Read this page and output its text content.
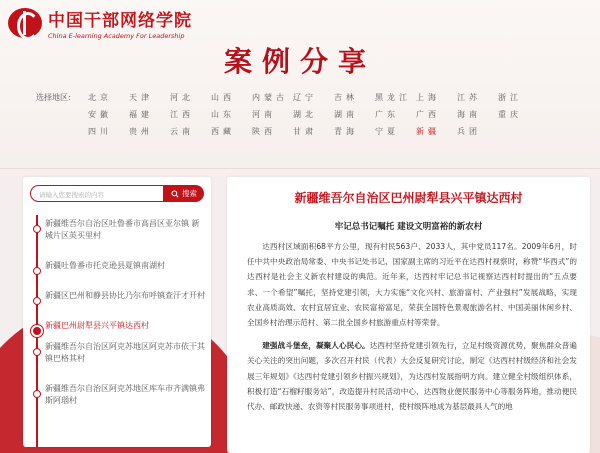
中国干部网络学院
China E-learning Academy For Leadership
案例分享
选择地区: 北京	天津	河北	山西	内蒙古 辽宁	吉林	黑龙江 上海	江苏	浙江
安徽	福建	江西	山东	河南	湖北	湖南	广东	广西	海南	重庆
四川	贵州	云南	西藏	陕西	甘肃	青海	宁夏	新疆	兵团
请输入您要搜索的内容	搜索
新疆维吾尔自治区吐鲁番市高昌区亚尔镇 新城片区英买里村
新疆吐鲁番市托克逊县夏镇南湖村
新疆区巴州和静县协比乃尔布呼镇查汗才开村
新疆巴州尉犁县兴平镇达西村
新疆维吾尔自治区阿克苏地区阿克苏市依干其镇巴格其村
新疆维吾尔自治区阿克苏地区库车市齐满镇弗斯阿瑙村
新疆维吾尔自治区巴州尉犁县兴平镇达西村
牢记总书记嘱托 建设文明富裕的新农村

达西村区域面积68平方公里，现有村民563户、2033人，其中党员117名。2009年6月，时任中共中央政治局常委、中央书记处书记、国家副主席的习近平在达西村视察时，称赞“华西式”的达西村是社会主义新农村建设的典范。近年来，达西村牢记总书记视察达西村时提出的“五点要求、一个希望”嘱托，坚持党建引领，大力实施“文化兴村、旅游富村、产业强村”发展战略，实现农业高质高效、农村宜居宜业、农民富裕富足，荣获全国特色景观旅游名村、中国美丽休闲乡村、全国乡村治理示范村、第二批全国乡村旅游重点村等荣誉。

建强战斗堡垒，凝聚人心民心。达西村坚持党建引领先行，立足村级资源优势，聚焦群众普遍关心关注的突出问题，多次召开村民（代表）大会反复研究讨论，制定《达西村村级经济和社会发展三年规划》《达西村党建引领乡村振兴规划》，为达西村发展指明方向。建立健全村级组织体系，积极打造“石榴籽服务站”，改造提升村民活动中心、达西物业便民服务中心等服务阵地，推动便民代办、邮政快递、农资等村民服务事项进村，使村级阵地成为基层最具人气的地
